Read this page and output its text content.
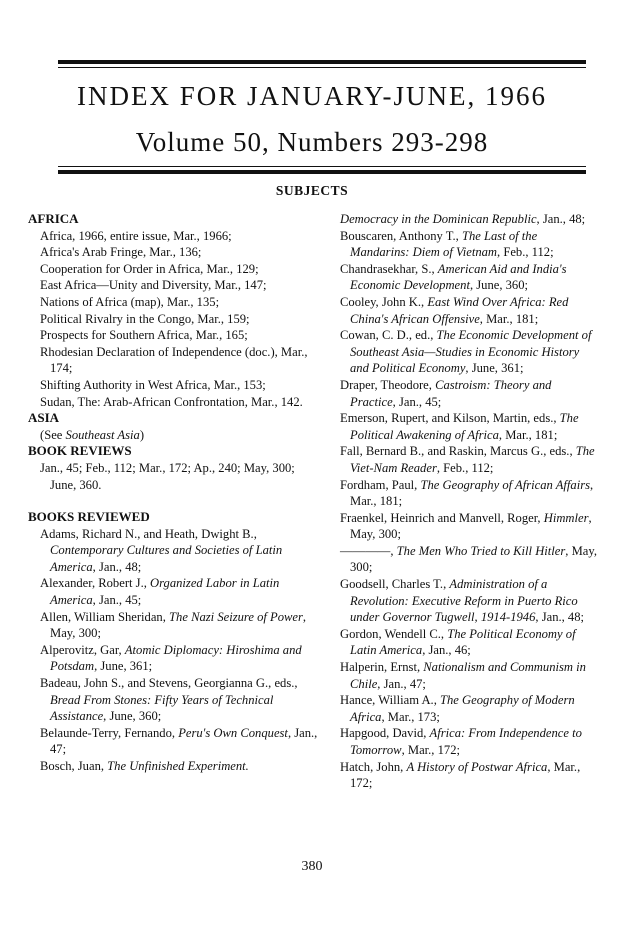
INDEX FOR JANUARY-JUNE, 1966
Volume 50, Numbers 293-298
SUBJECTS
AFRICA
Africa, 1966, entire issue, Mar., 1966;
Africa's Arab Fringe, Mar., 136;
Cooperation for Order in Africa, Mar., 129;
East Africa—Unity and Diversity, Mar., 147;
Nations of Africa (map), Mar., 135;
Political Rivalry in the Congo, Mar., 159;
Prospects for Southern Africa, Mar., 165;
Rhodesian Declaration of Independence (doc.), Mar., 174;
Shifting Authority in West Africa, Mar., 153;
Sudan, The: Arab-African Confrontation, Mar., 142.
ASIA
(See Southeast Asia)
BOOK REVIEWS
Jan., 45; Feb., 112; Mar., 172; Ap., 240; May, 300; June, 360.
BOOKS REVIEWED
Adams, Richard N., and Heath, Dwight B., Contemporary Cultures and Societies of Latin America, Jan., 48;
Alexander, Robert J., Organized Labor in Latin America, Jan., 45;
Allen, William Sheridan, The Nazi Seizure of Power, May, 300;
Alperovitz, Gar, Atomic Diplomacy: Hiroshima and Potsdam, June, 361;
Badeau, John S., and Stevens, Georgianna G., eds., Bread From Stones: Fifty Years of Technical Assistance, June, 360;
Belaunde-Terry, Fernando, Peru's Own Conquest, Jan., 47;
Bosch, Juan, The Unfinished Experiment.
Democracy in the Dominican Republic, Jan., 48;
Bouscaren, Anthony T., The Last of the Mandarins: Diem of Vietnam, Feb., 112;
Chandrasekhar, S., American Aid and India's Economic Development, June, 360;
Cooley, John K., East Wind Over Africa: Red China's African Offensive, Mar., 181;
Cowan, C. D., ed., The Economic Development of Southeast Asia—Studies in Economic History and Political Economy, June, 361;
Draper, Theodore, Castroism: Theory and Practice, Jan., 45;
Emerson, Rupert, and Kilson, Martin, eds., The Political Awakening of Africa, Mar., 181;
Fall, Bernard B., and Raskin, Marcus G., eds., The Viet-Nam Reader, Feb., 112;
Fordham, Paul, The Geography of African Affairs, Mar., 181;
Fraenkel, Heinrich and Manvell, Roger, Himmler, May, 300;
————, The Men Who Tried to Kill Hitler, May, 300;
Goodsell, Charles T., Administration of a Revolution: Executive Reform in Puerto Rico under Governor Tugwell, 1914-1946, Jan., 48;
Gordon, Wendell C., The Political Economy of Latin America, Jan., 46;
Halperin, Ernst, Nationalism and Communism in Chile, Jan., 47;
Hance, William A., The Geography of Modern Africa, Mar., 173;
Hapgood, David, Africa: From Independence to Tomorrow, Mar., 172;
Hatch, John, A History of Postwar Africa, Mar., 172;
380
